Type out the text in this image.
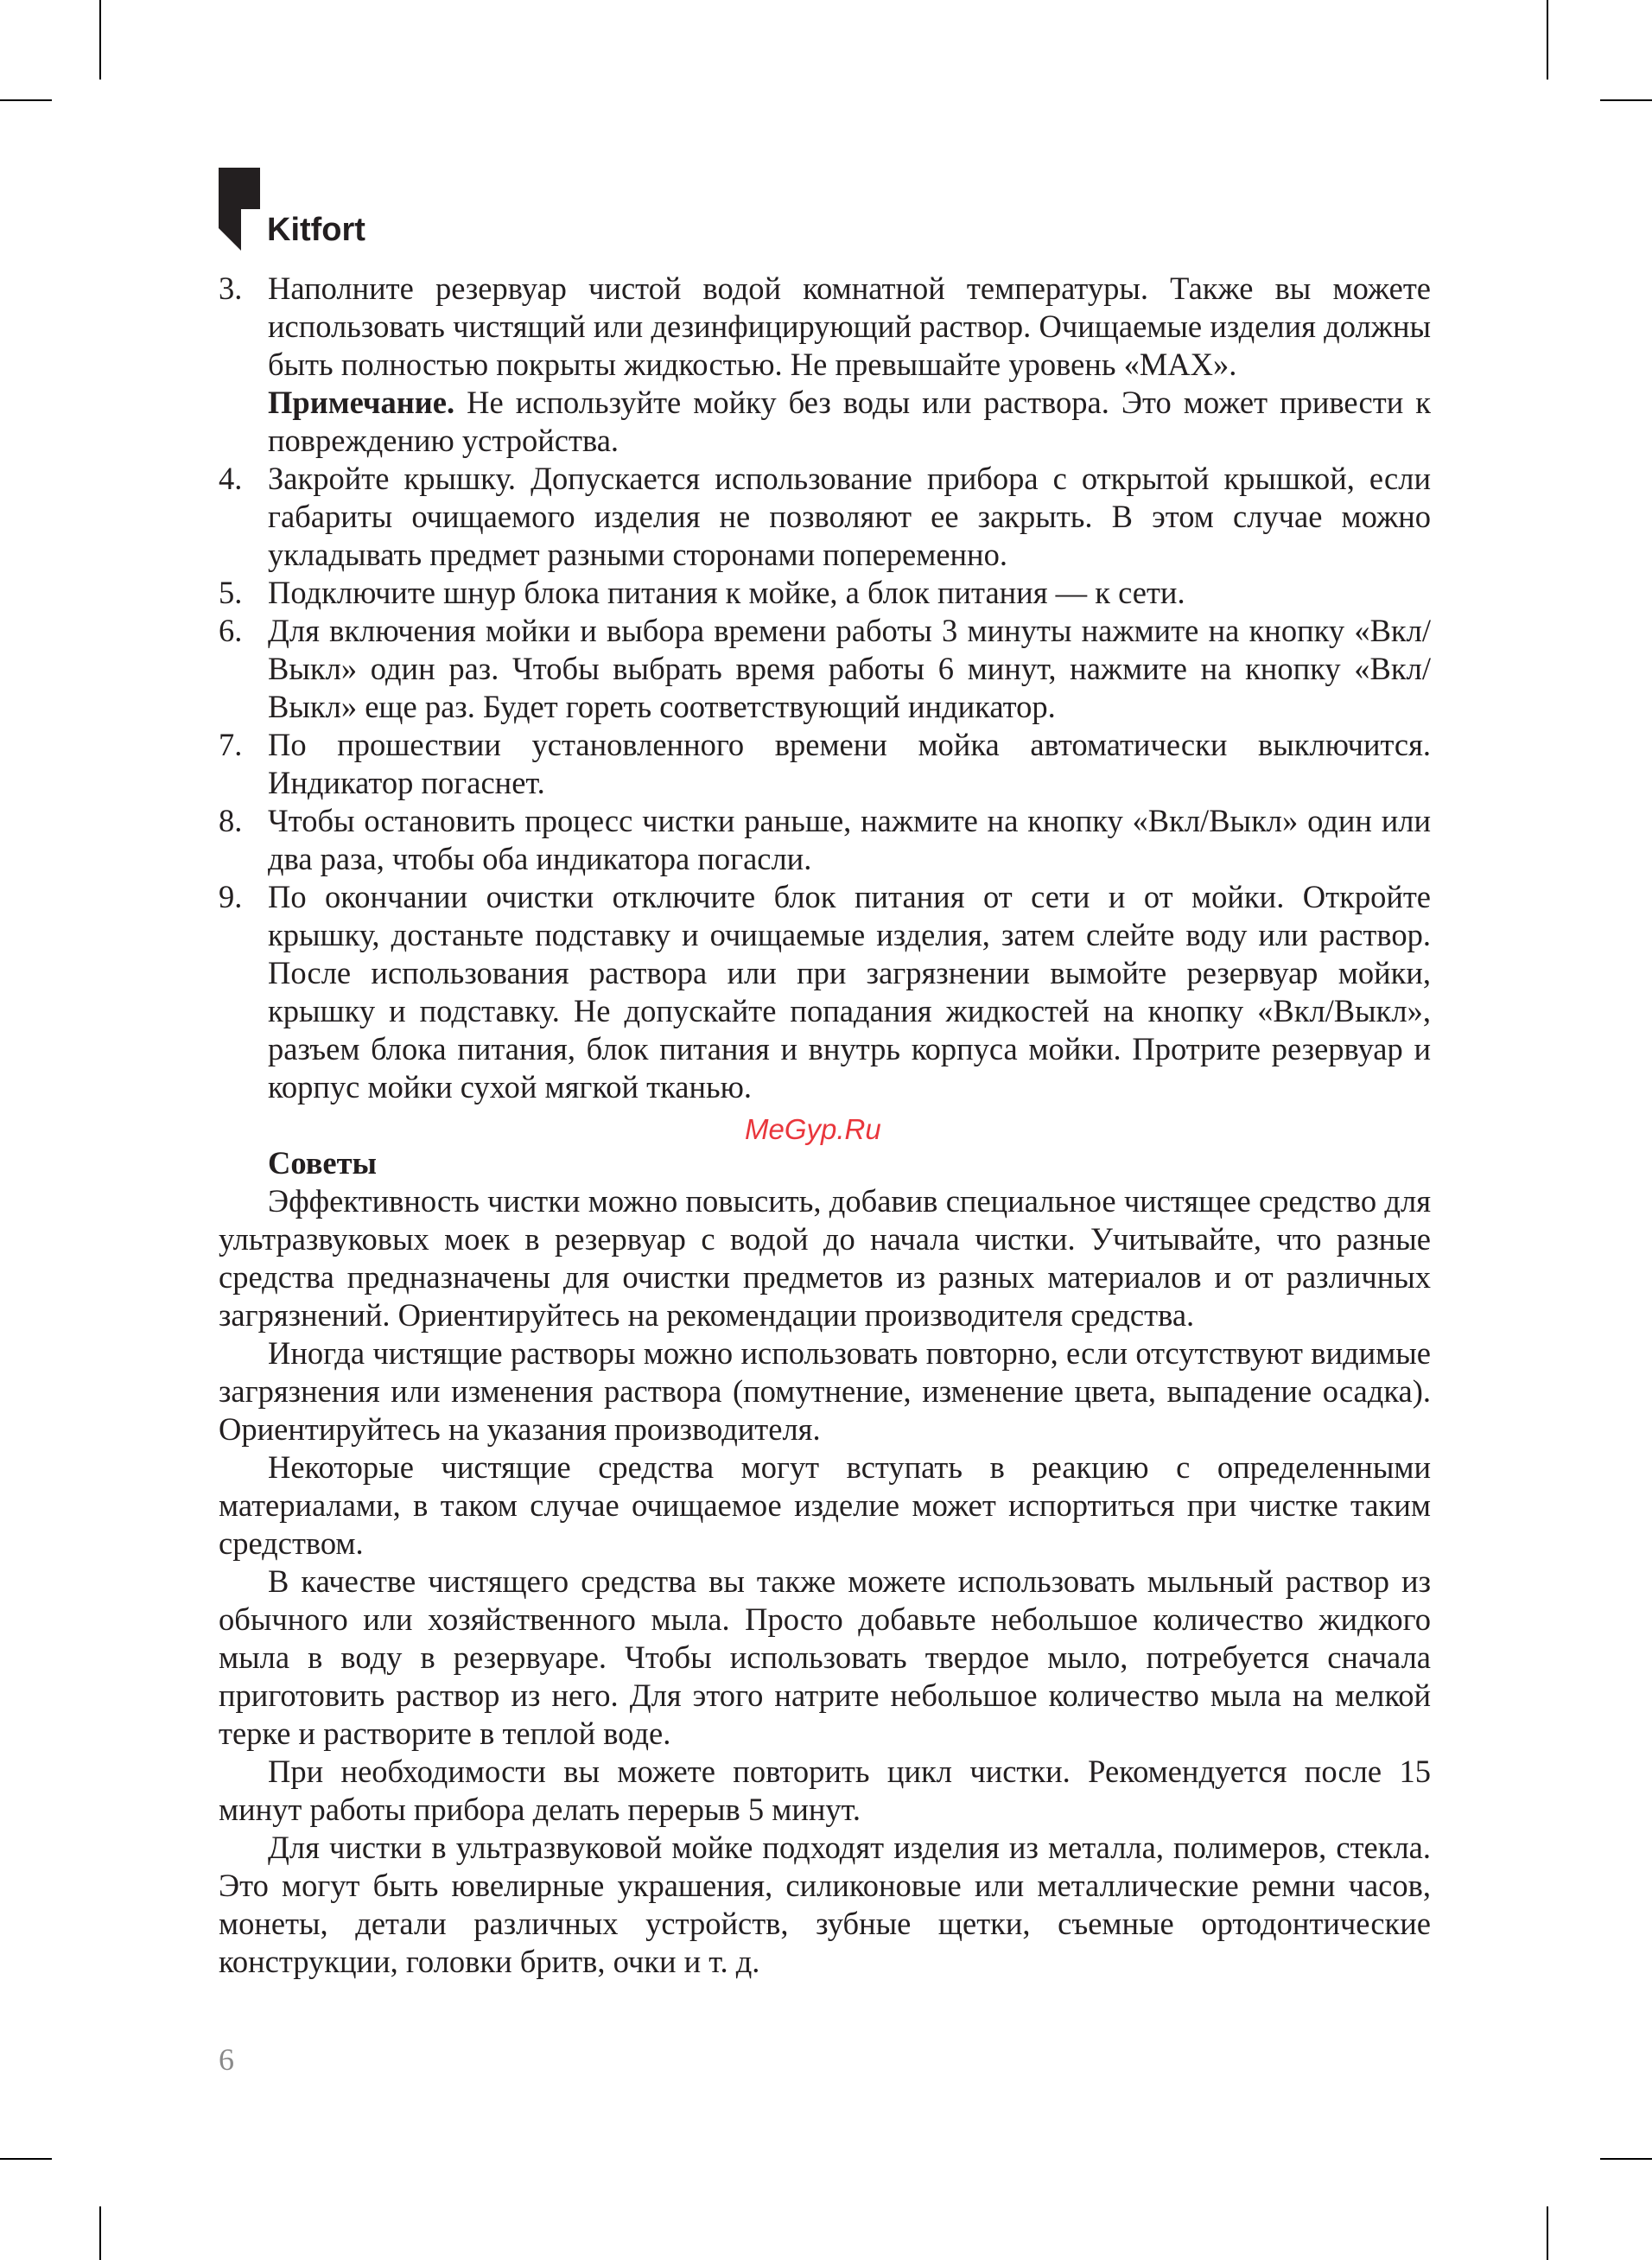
Kitfort
3. Наполните резервуар чистой водой комнатной температуры. Также вы можете использовать чистящий или дезинфицирующий раствор. Очищаемые изделия должны быть полностью покрыты жидкостью. Не превышайте уровень «MAX».
Примечание. Не используйте мойку без воды или раствора. Это может привести к повреждению устройства.
4. Закройте крышку. Допускается использование прибора с открытой крышкой, если габариты очищаемого изделия не позволяют ее закрыть. В этом случае можно укладывать предмет разными сторонами попеременно.
5. Подключите шнур блока питания к мойке, а блок питания — к сети.
6. Для включения мойки и выбора времени работы 3 минуты нажмите на кнопку «Вкл/Выкл» один раз. Чтобы выбрать время работы 6 минут, нажмите на кнопку «Вкл/Выкл» еще раз. Будет гореть соответствующий индикатор.
7. По прошествии установленного времени мойка автоматически выключится. Индикатор погаснет.
8. Чтобы остановить процесс чистки раньше, нажмите на кнопку «Вкл/Выкл» один или два раза, чтобы оба индикатора погасли.
9. По окончании очистки отключите блок питания от сети и от мойки. Откройте крышку, достаньте подставку и очищаемые изделия, затем слейте воду или раствор. После использования раствора или при загрязнении вымойте резервуар мойки, крышку и подставку. Не допускайте попадания жидкостей на кнопку «Вкл/Выкл», разъем блока питания, блок питания и внутрь корпуса мойки. Протрите резервуар и корпус мойки сухой мягкой тканью.
Советы

Эффективность чистки можно повысить, добавив специальное чистящее средство для ультразвуковых моек в резервуар с водой до начала чистки. Учитывайте, что разные средства предназначены для очистки предметов из разных материалов и от различных загрязнений. Ориентируйтесь на рекомендации производителя средства.

Иногда чистящие растворы можно использовать повторно, если отсутствуют видимые загрязнения или изменения раствора (помутнение, изменение цвета, выпадение осадка). Ориентируйтесь на указания производителя.

Некоторые чистящие средства могут вступать в реакцию с определенными материалами, в таком случае очищаемое изделие может испортиться при чистке таким средством.

В качестве чистящего средства вы также можете использовать мыльный раствор из обычного или хозяйственного мыла. Просто добавьте небольшое количество жидкого мыла в воду в резервуаре. Чтобы использовать твердое мыло, потребуется сначала приготовить раствор из него. Для этого натрите небольшое количество мыла на мелкой терке и растворите в теплой воде.

При необходимости вы можете повторить цикл чистки. Рекомендуется после 15 минут работы прибора делать перерыв 5 минут.

Для чистки в ультразвуковой мойке подходят изделия из металла, полимеров, стекла. Это могут быть ювелирные украшения, силиконовые или металлические ремни часов, монеты, детали различных устройств, зубные щетки, съемные ортодонтические конструкции, головки бритв, очки и т. д.

MeGyp.Ru
6
